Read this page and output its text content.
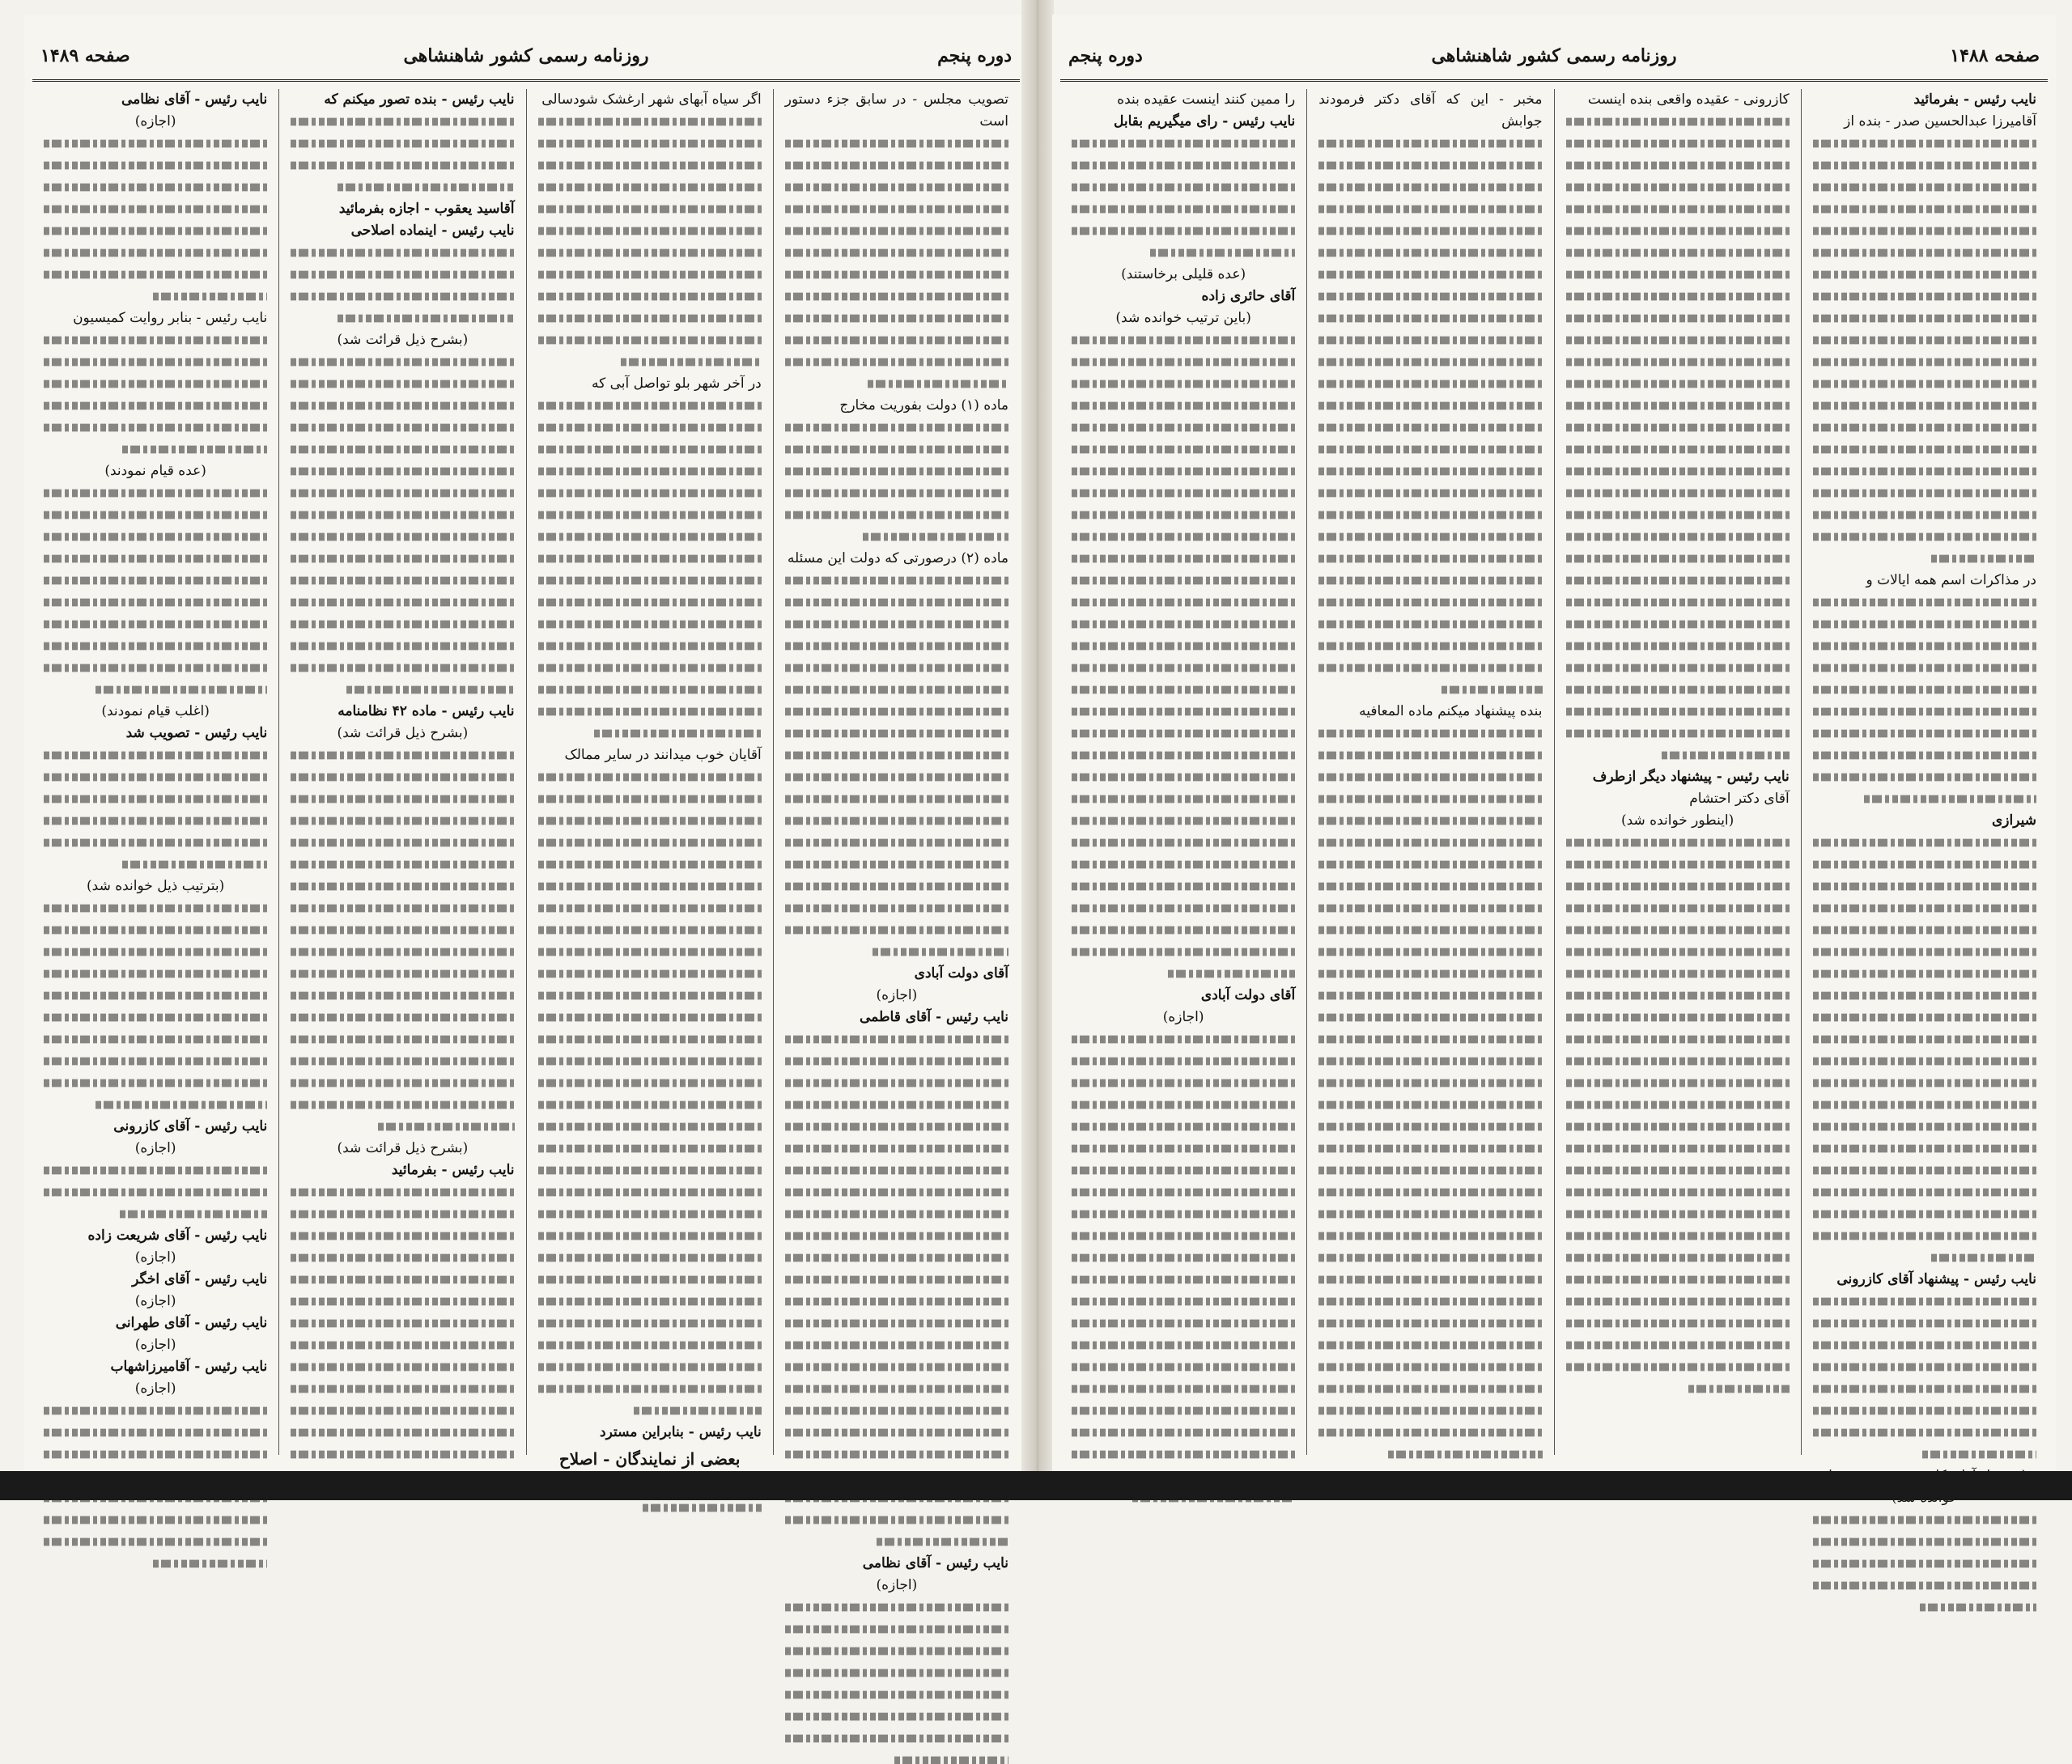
دوره پنجم
روزنامه رسمی کشور شاهنشاهی
صفحه ۱۴۸۹
تصویب مجلس - در سابق جزء دستور است
ماده (۱) دولت بفوریت مخارج
ماده (۲) درصورتی که دولت این مسئله
آقای دولت آبادی
(اجازه)
نایب رئیس - آقای قاطمی
نایب رئیس - آقای نظامی
(اجازه)
اگر سیاه آبهای شهر ارغشک شودسالی
در آخر شهر بلو تواصل آبی که
آقایان خوب میدانند در سایر ممالک
نایب رئیس - بنابراین مسترد
بعضی از نمایندگان - اصلاح
نایب رئیس - بنده تصور میکنم که
آقاسید یعقوب - اجازه بفرمائید
نایب رئیس - اینماده اصلاحی
(بشرح ذیل قرائت شد)
نایب رئیس - ماده ۴۲ نظامنامه
(بشرح ذیل قرائت شد)
(بشرح ذیل قرائت شد)
نایب رئیس - بفرمائید
نایب رئیس - آقای نظامی
(اجازه)
نایب رئیس - بنابر روایت کمیسیون
(عده قیام نمودند)
(اغلب قیام نمودند)
نایب رئیس - تصویب شد
(بترتیب ذیل خوانده شد)
نایب رئیس - آقای کازرونی
(اجازه)
نایب رئیس - آقای شریعت زاده
(اجازه)
نایب رئیس - آقای اخگر
(اجازه)
نایب رئیس - آقای طهرانی
(اجازه)
نایب رئیس - آقامیرزاشهاب
(اجازه)
صفحه ۱۴۸۸
روزنامه رسمی کشور شاهنشاهی
دوره پنجم
نایب رئیس - بفرمائید
آقامیرزا عبدالحسین صدر - بنده از
در مذاکرات اسم همه ایالات و
شیرازی
نایب رئیس - پیشنهاد آقای کازرونی
کازرونی - عقیده واقعی بنده اینست
نایب رئیس - پیشنهاد دیگر ازطرف
آقای دکتر احتشام
(اینطور خوانده شد)
مخبر - این که آقای دکتر فرمودند جوابش
بنده پیشنهاد میکنم ماده المعافیه
را ممین کنند اینست عقیده بنده
نایب رئیس - رای میگیریم بقابل
(عده قلیلی برخاستند)
آقای حائری زاده
(باین ترتیب خوانده شد)
آقای دولت آبادی
(اجازه)
